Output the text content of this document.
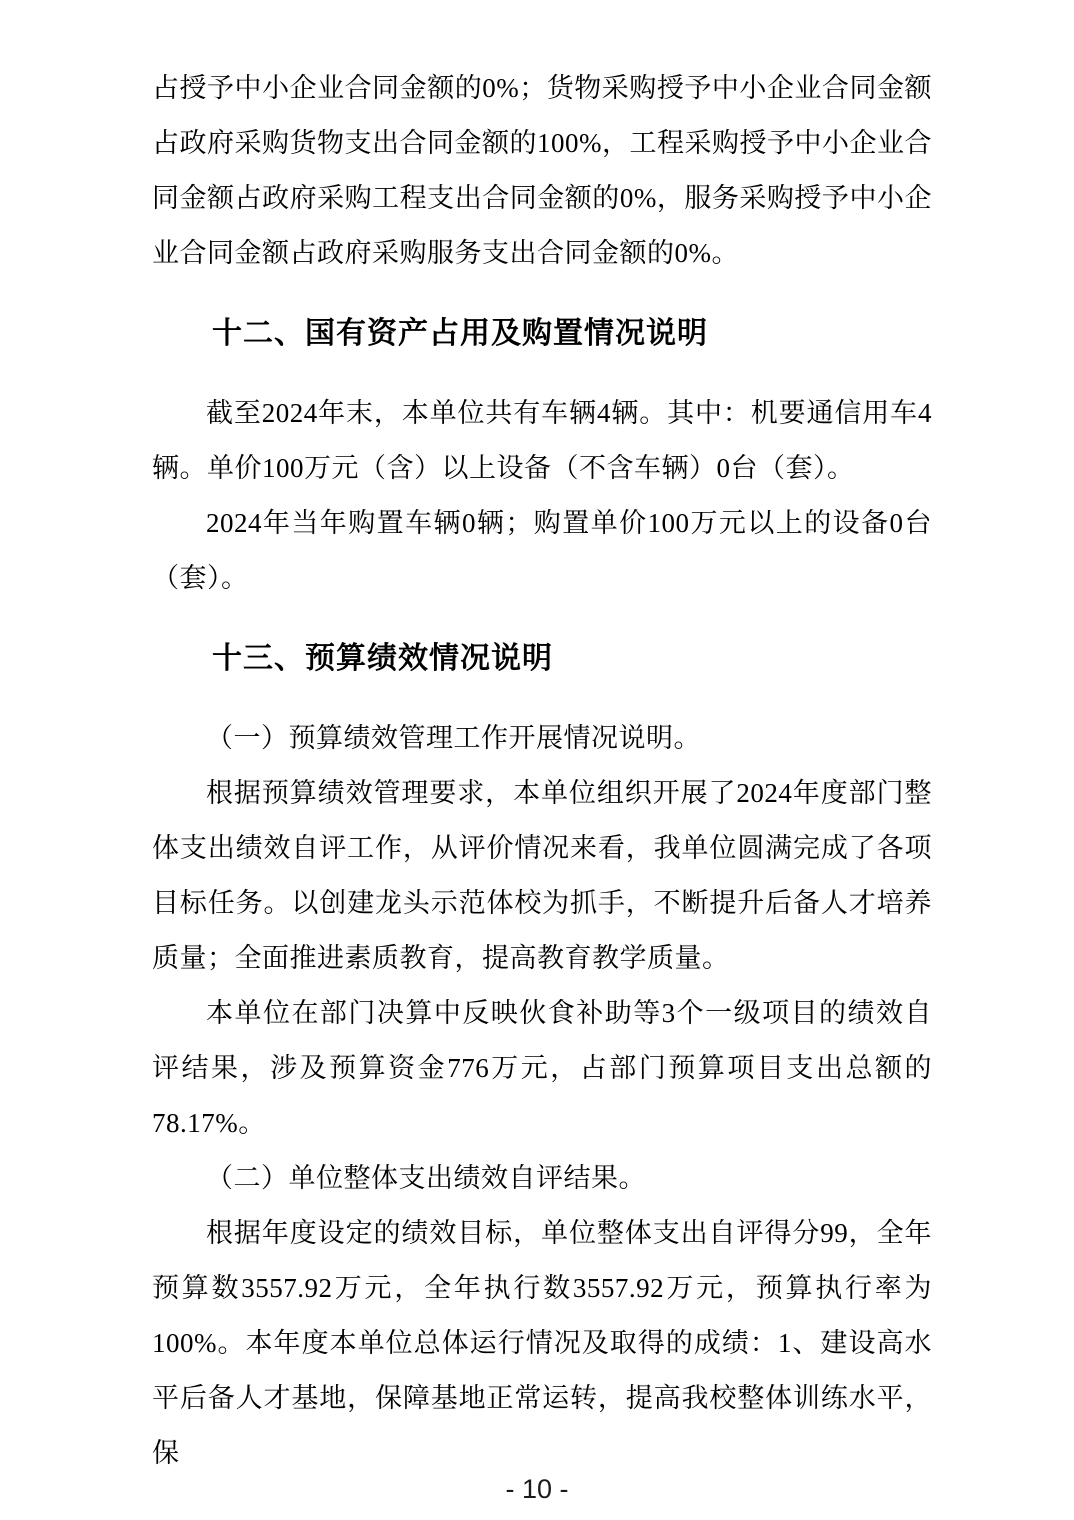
占授予中小企业合同金额的0%；货物采购授予中小企业合同金额占政府采购货物支出合同金额的100%，工程采购授予中小企业合同金额占政府采购工程支出合同金额的0%，服务采购授予中小企业合同金额占政府采购服务支出合同金额的0%。

十二、国有资产占用及购置情况说明

截至2024年末，本单位共有车辆4辆。其中：机要通信用车4辆。单价100万元（含）以上设备（不含车辆）0台（套）。

2024年当年购置车辆0辆；购置单价100万元以上的设备0台（套）。

十三、预算绩效情况说明

（一）预算绩效管理工作开展情况说明。

根据预算绩效管理要求，本单位组织开展了2024年度部门整体支出绩效自评工作，从评价情况来看，我单位圆满完成了各项目标任务。以创建龙头示范体校为抓手，不断提升后备人才培养质量；全面推进素质教育，提高教育教学质量。

本单位在部门决算中反映伙食补助等3个一级项目的绩效自评结果，涉及预算资金776万元，占部门预算项目支出总额的78.17%。

（二）单位整体支出绩效自评结果。

根据年度设定的绩效目标，单位整体支出自评得分99，全年预算数3557.92万元，全年执行数3557.92万元，预算执行率为100%。本年度本单位总体运行情况及取得的成绩：1、建设高水平后备人才基地，保障基地正常运转，提高我校整体训练水平，保

- 10 -
